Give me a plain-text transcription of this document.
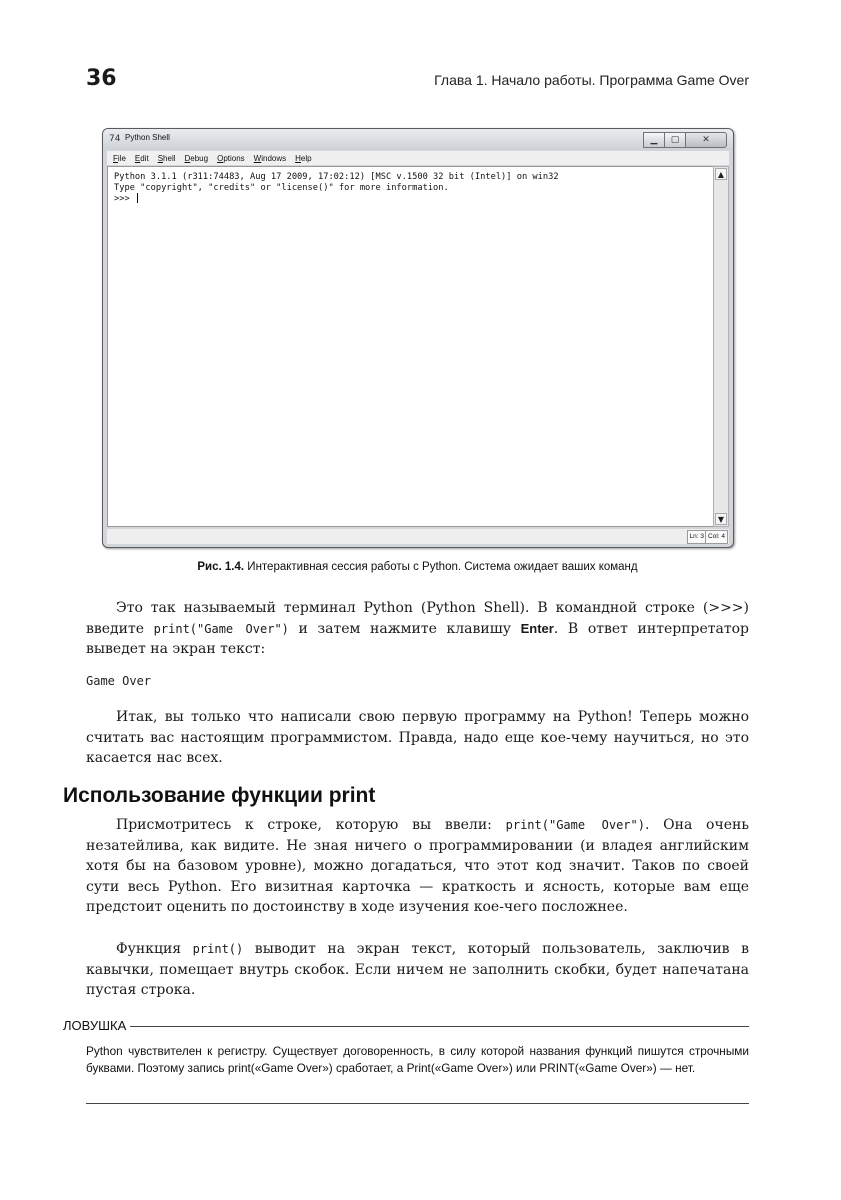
36	Глава 1. Начало работы. Программа Game Over
74 Python Shell	▁	▢	✕
File Edit Shell Debug Options Windows Help
Python 3.1.1 (r311:74483, Aug 17 2009, 17:02:12) [MSC v.1500 32 bit (Intel)] on win32
Type "copyright", "credits" or "license()" for more information.
>>>
▲
▼
Ln: 3 Col: 4
Рис. 1.4. Интерактивная сессия работы с Python. Система ожидает ваших команд
Это так называемый терминал Python (Python Shell). В командной строке (>>>) введите print("Game Over") и затем нажмите клавишу Enter. В ответ интерпретатор выведет на экран текст:
Game Over
Итак, вы только что написали свою первую программу на Python! Теперь можно считать вас настоящим программистом. Правда, надо еще кое-чему научиться, но это касается нас всех.
Использование функции print
Присмотритесь к строке, которую вы ввели: print("Game Over"). Она очень незатейлива, как видите. Не зная ничего о программировании (и владея английским хотя бы на базовом уровне), можно догадаться, что этот код значит. Таков по своей сути весь Python. Его визитная карточка — краткость и ясность, которые вам еще предстоит оценить по достоинству в ходе изучения кое-чего посложнее.
Функция print() выводит на экран текст, который пользователь, заключив в кавычки, помещает внутрь скобок. Если ничем не заполнить скобки, будет напечатана пустая строка.
ЛОВУШКА
Python чувствителен к регистру. Существует договоренность, в силу которой названия функций пишутся строчными буквами. Поэтому запись print(«Game Over») сработает, а Print(«Game Over») или PRINT(«Game Over») — нет.
